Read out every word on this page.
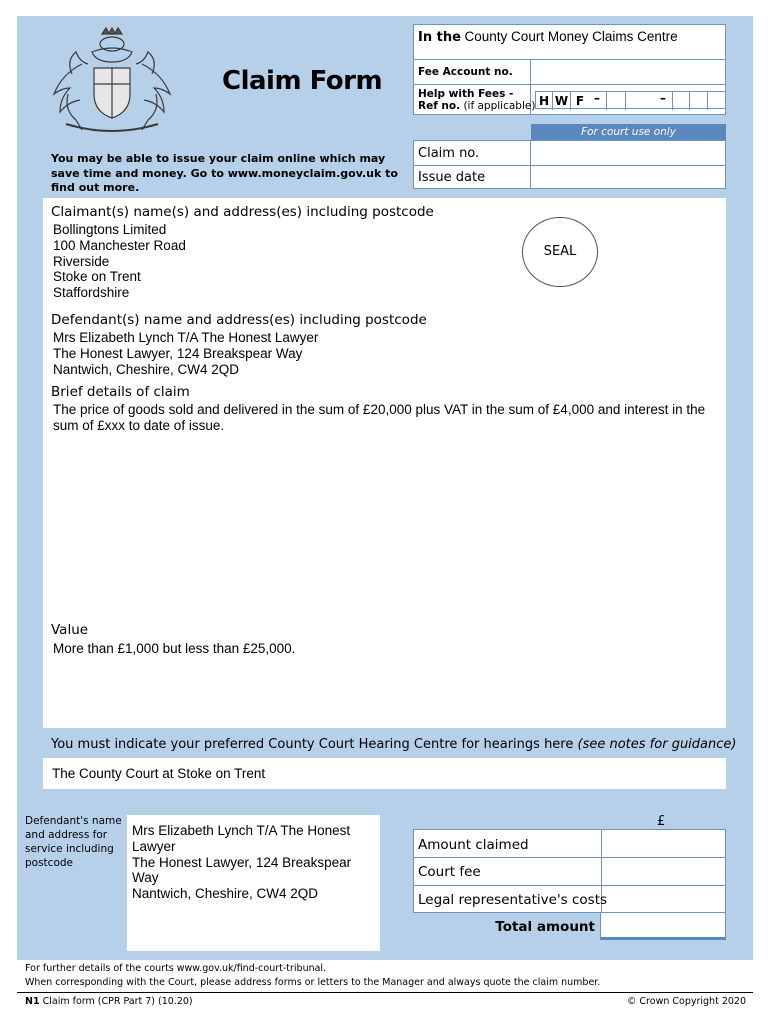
Claim Form
You may be able to issue your claim online which may save time and money. Go to www.moneyclaim.gov.uk to find out more.
In the County Court Money Claims Centre
Fee Account no.
Help with Fees -
Ref no. (if applicable) H W F –	–
For court use only
Claim no.
Issue date
Claimant(s) name(s) and address(es) including postcode
Bollingtons Limited
100 Manchester Road
Riverside
Stoke on Trent
Staffordshire
SEAL
Defendant(s) name and address(es) including postcode
Mrs Elizabeth Lynch T/A The Honest Lawyer
The Honest Lawyer, 124 Breakspear Way
Nantwich, Cheshire, CW4 2QD
Brief details of claim
The price of goods sold and delivered in the sum of £20,000 plus VAT in the sum of £4,000 and interest in the sum of £xxx to date of issue.
Value
More than £1,000 but less than £25,000.
You must indicate your preferred County Court Hearing Centre for hearings here (see notes for guidance)
The County Court at Stoke on Trent
Defendant's name and address for service including postcode
Mrs Elizabeth Lynch T/A The Honest Lawyer
The Honest Lawyer, 124 Breakspear Way
Nantwich, Cheshire, CW4 2QD
£
Amount claimed
Court fee
Legal representative's costs
Total amount
For further details of the courts www.gov.uk/find-court-tribunal.
When corresponding with the Court, please address forms or letters to the Manager and always quote the claim number.
N1 Claim form (CPR Part 7) (10.20)	© Crown Copyright 2020
